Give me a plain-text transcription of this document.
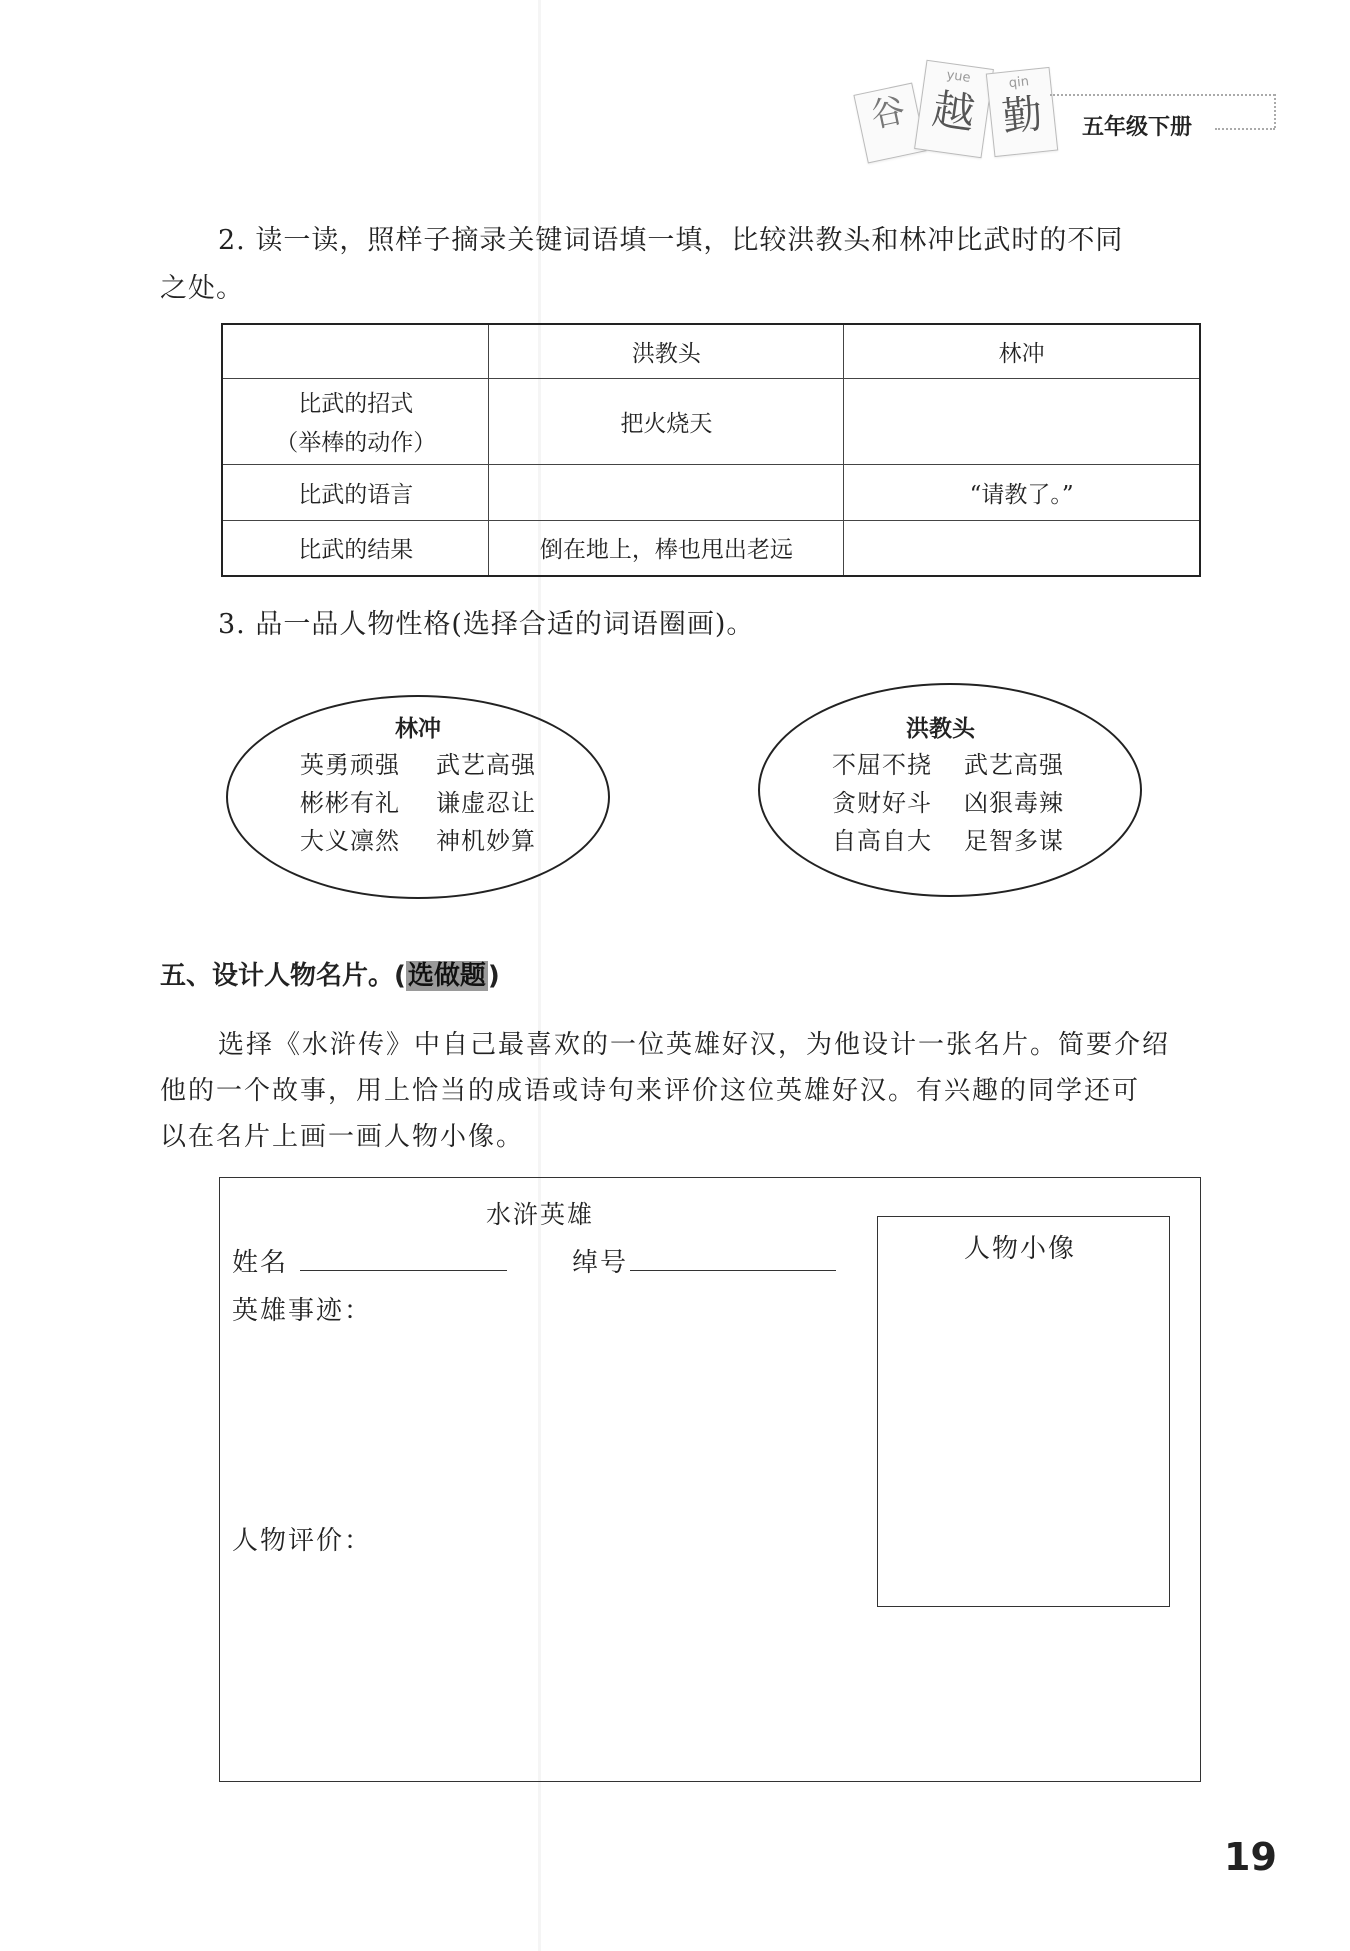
谷
yue
越
qin
勤	五年级下册
2. 读一读，照样子摘录关键词语填一填，比较洪教头和林冲比武时的不同
之处。
	洪教头	林冲

比武的招式
（举棒的动作）	把火烧天	
比武的语言		“请教了。”
比武的结果	倒在地上，棒也甩出老远	
3. 品一品人物性格(选择合适的词语圈画)。
林冲
英勇顽强 武艺高强
彬彬有礼 谦虚忍让
大义凛然 神机妙算
洪教头
不屈不挠 武艺高强
贪财好斗 凶狠毒辣
自高自大 足智多谋
五、设计人物名片。(选做题)
选择《水浒传》中自己最喜欢的一位英雄好汉，为他设计一张名片。简要介绍
他的一个故事，用上恰当的成语或诗句来评价这位英雄好汉。有兴趣的同学还可
以在名片上画一画人物小像。
水浒英雄
姓名	绰号
英雄事迹：
人物评价：
人物小像
19
